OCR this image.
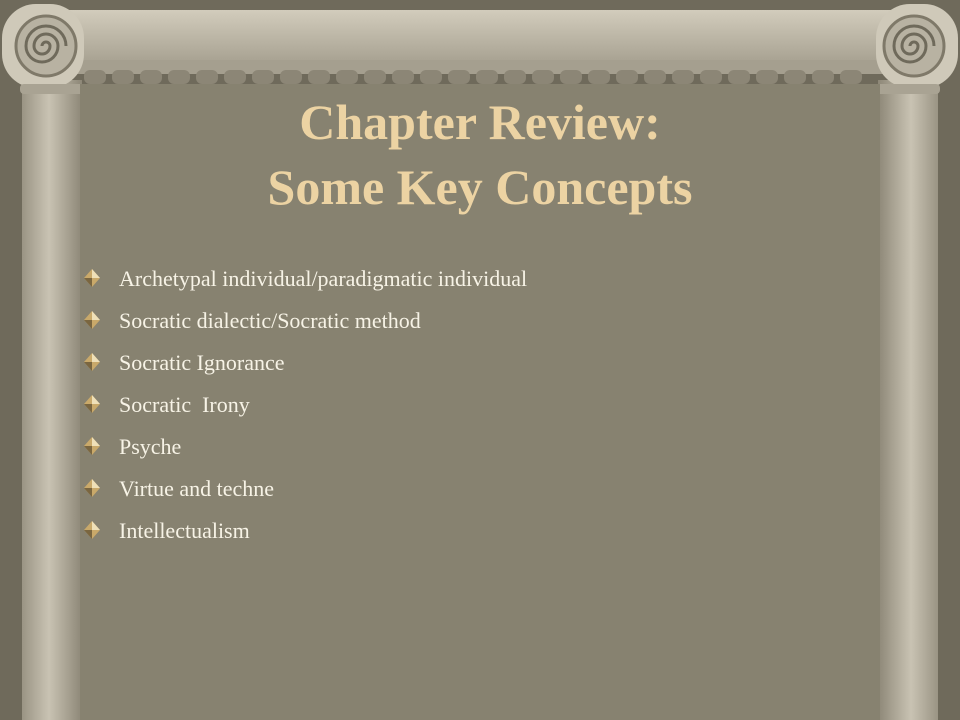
Chapter Review:
Some Key Concepts
Archetypal individual/paradigmatic individual
Socratic dialectic/Socratic method
Socratic Ignorance
Socratic  Irony
Psyche
Virtue and techne
Intellectualism
